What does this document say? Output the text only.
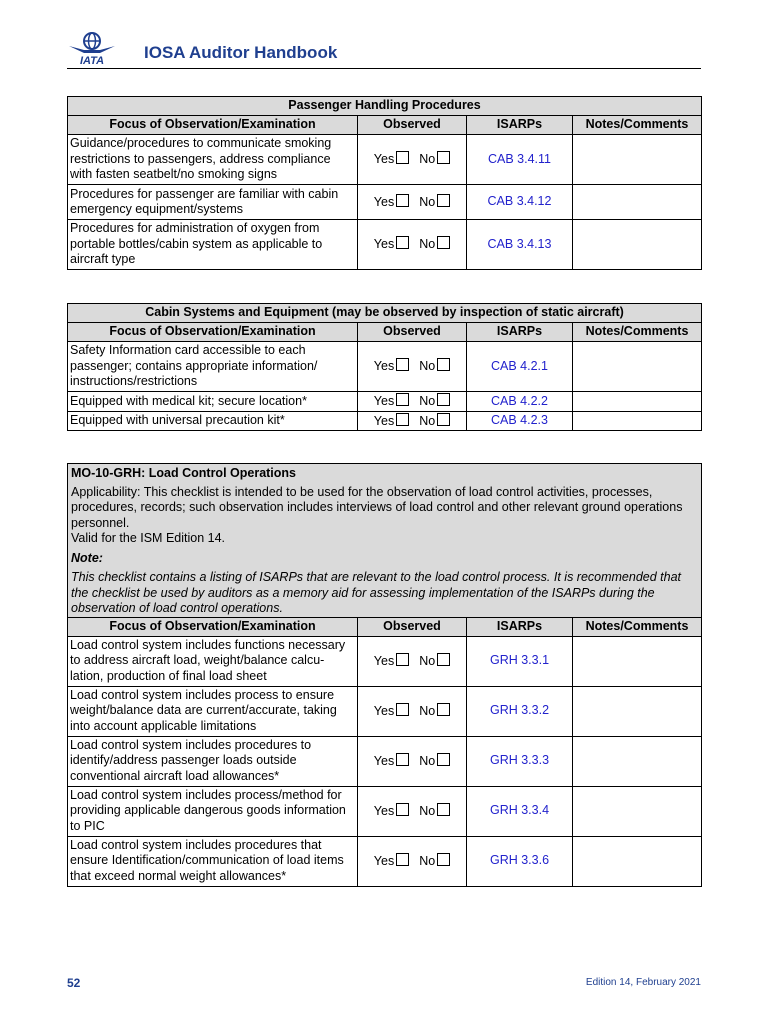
IATA IOSA Auditor Handbook
Passenger Handling Procedures			
Focus of Observation/Examination	Observed	ISARPs	Notes/Comments
Guidance/procedures to communicate smoking restrictions to passengers, address compliance with fasten seatbelt/no smoking signs	Yes No	CAB 3.4.11	
Procedures for passenger are familiar with cabin emergency equipment/systems	Yes No	CAB 3.4.12	
Procedures for administration of oxygen from portable bottles/cabin system as applicable to aircraft type	Yes No	CAB 3.4.13	
Cabin Systems and Equipment (may be observed by inspection of static aircraft)			
Focus of Observation/Examination	Observed	ISARPs	Notes/Comments
Safety Information card accessible to each passenger; contains appropriate information/ instructions/restrictions	Yes No	CAB 4.2.1	
Equipped with medical kit; secure location*	Yes No	CAB 4.2.2	
Equipped with universal precaution kit*	Yes No	CAB 4.2.3	
MO-10-GRH: Load Control Operations
Applicability: This checklist is intended to be used for the observation of load control activities, processes, procedures, records; such observation includes interviews of load control and other relevant ground operations personnel.
Valid for the ISM Edition 14.
Note:
This checklist contains a listing of ISARPs that are relevant to the load control process. It is recommended that the checklist be used by auditors as a memory aid for assessing implementation of the ISARPs during the observation of load control operations.			

Focus of Observation/Examination	Observed	ISARPs	Notes/Comments
Load control system includes functions necessary to address aircraft load, weight/balance calcu-lation, production of final load sheet	Yes No	GRH 3.3.1	
Load control system includes process to ensure weight/balance data are current/accurate, taking into account applicable limitations	Yes No	GRH 3.3.2	
Load control system includes procedures to identify/address passenger loads outside conventional aircraft load allowances*	Yes No	GRH 3.3.3	
Load control system includes process/method for providing applicable dangerous goods information to PIC	Yes No	GRH 3.3.4	
Load control system includes procedures that ensure Identification/communication of load items that exceed normal weight allowances*	Yes No	GRH 3.3.6	
52	Edition 14, February 2021
